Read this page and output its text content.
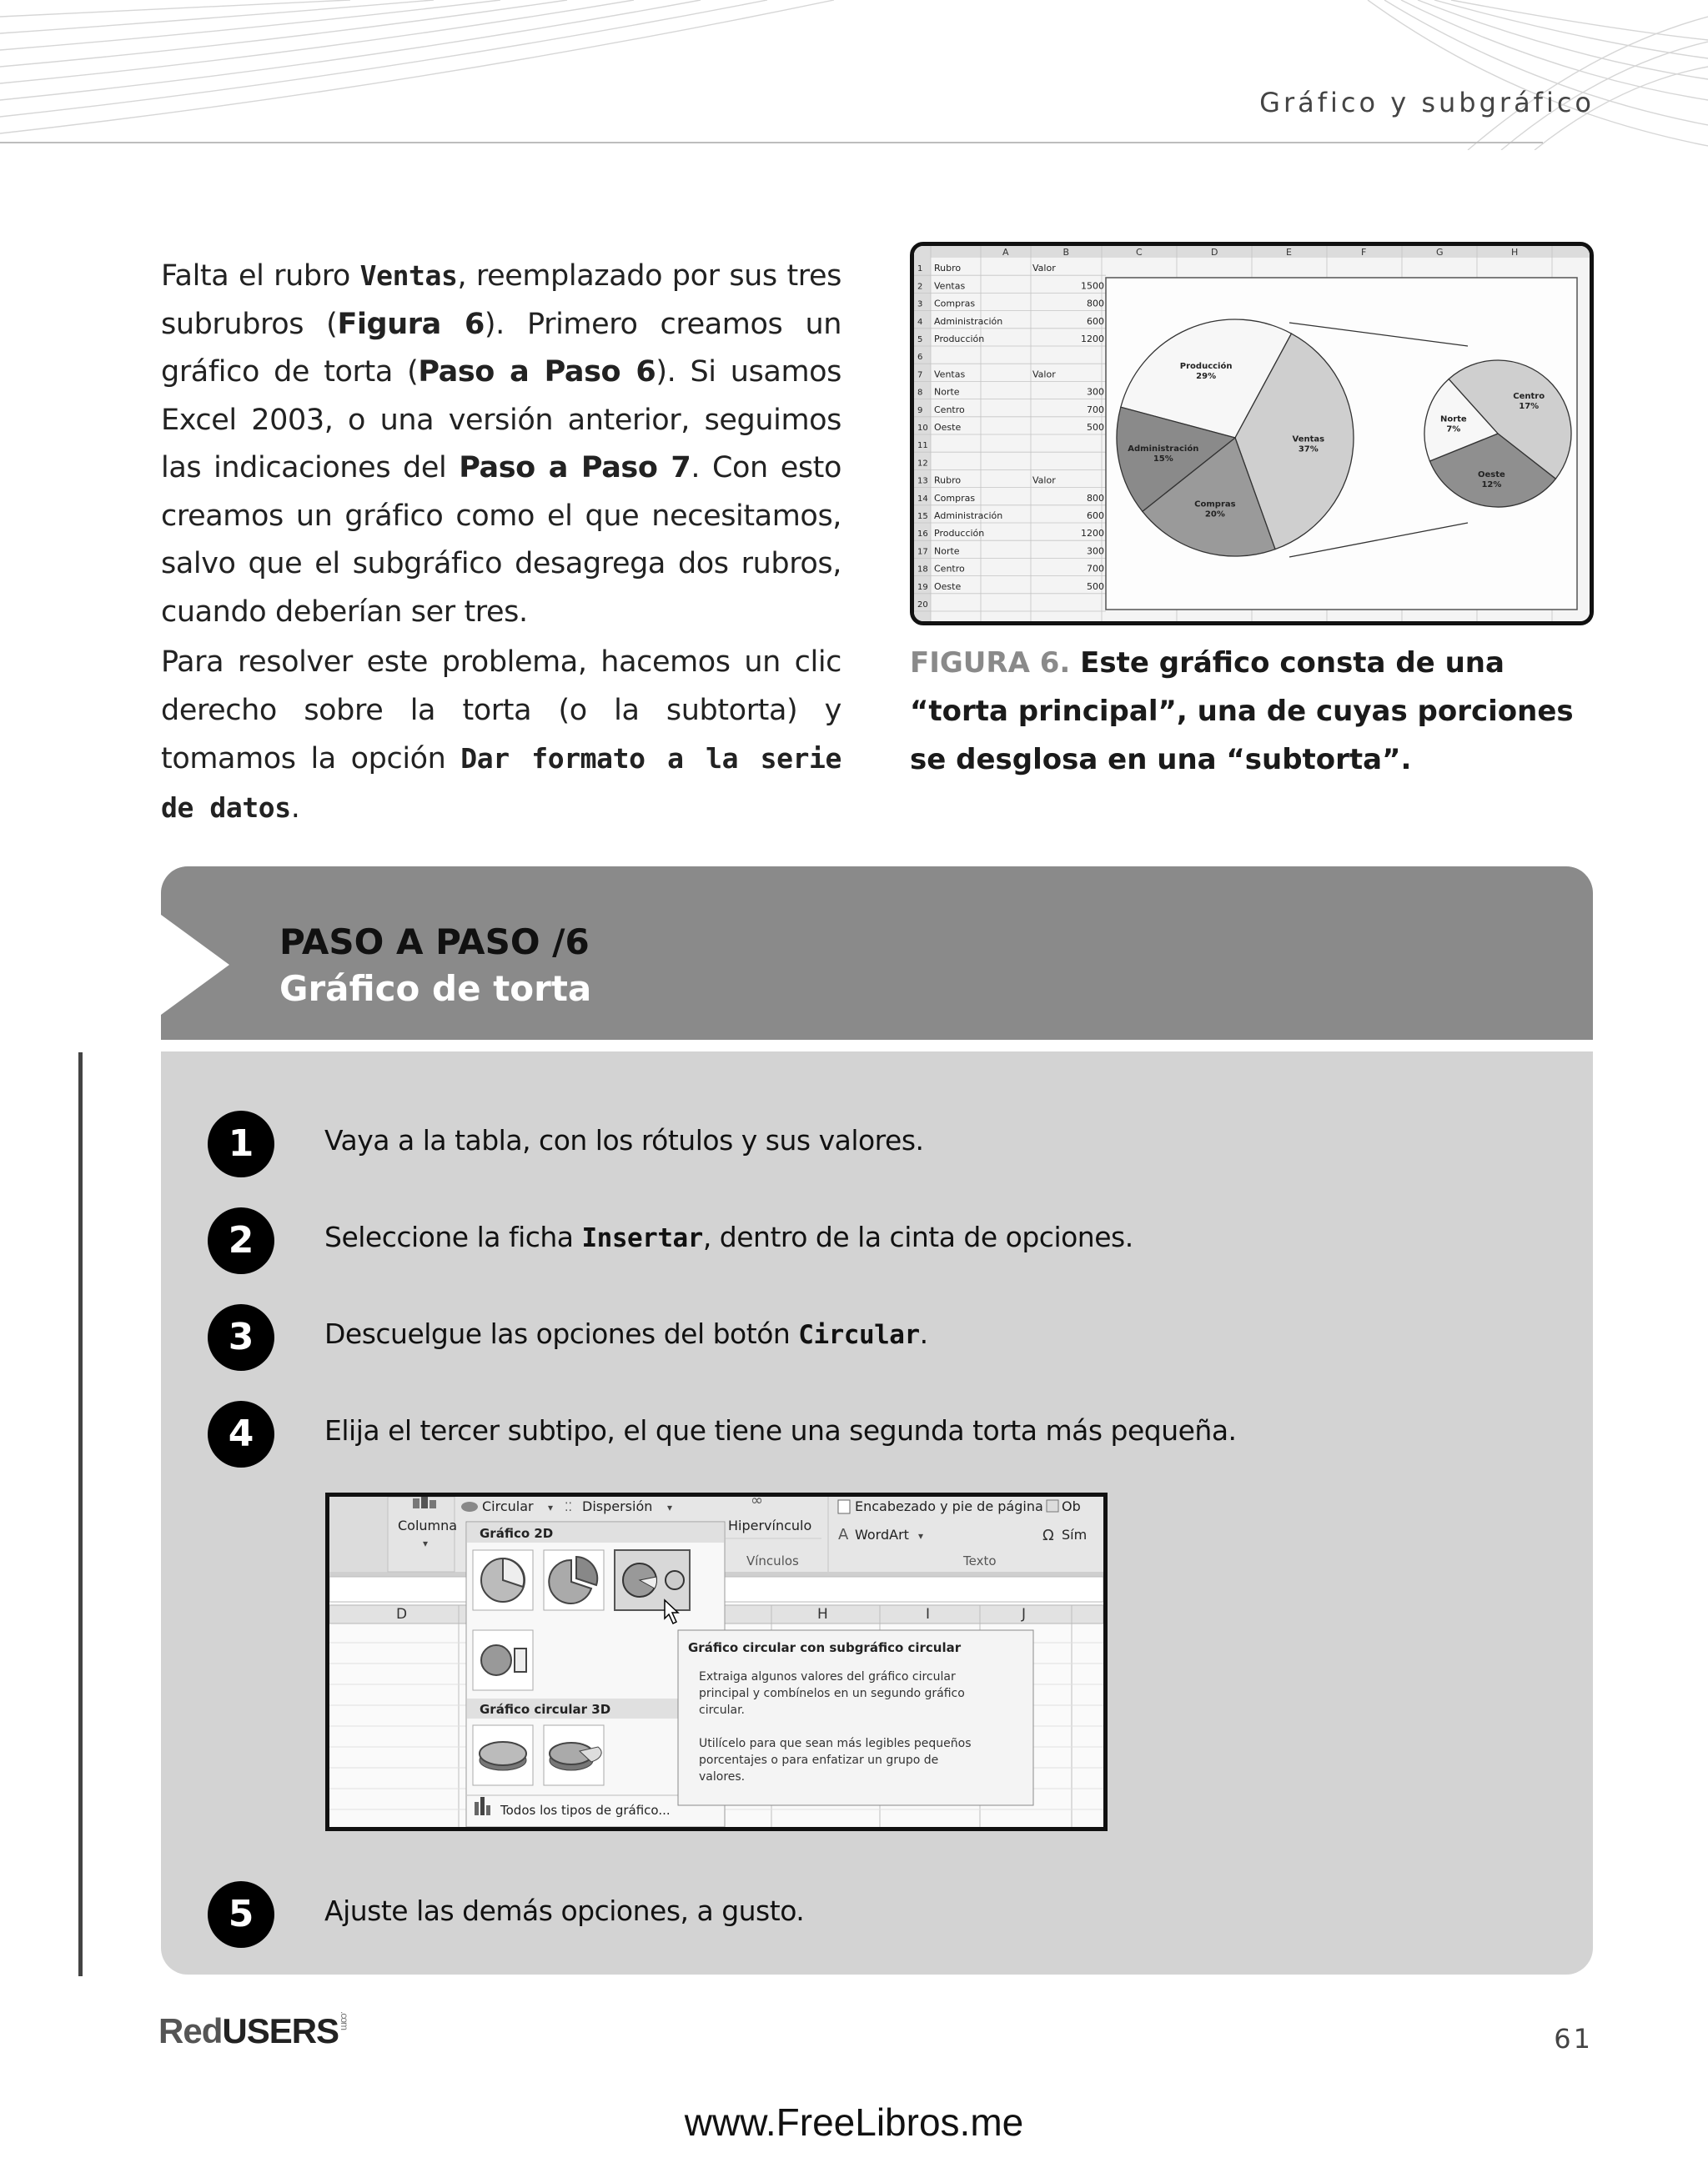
Gráfico y subgráfico
Falta el rubro Ventas, reemplazado por sus tres subrubros (Figura 6). Primero creamos un gráfico de torta (Paso a Paso 6). Si usamos Excel 2003, o una versión anterior, seguimos las indicaciones del Paso a Paso 7. Con esto creamos un gráfico como el que necesitamos, salvo que el subgráfico desagrega dos rubros, cuando deberían ser tres.
Para resolver este problema, hacemos un clic derecho sobre la torta (o la subtorta) y tomamos la opción Dar formato a la serie de datos.
A	B	C	D	E	F	G	H
1 Rubro	Valor
2 Ventas	1500
3 Compras	800
4 Administración	600
5 Producción	1200
6
7 Ventas	Valor
8 Norte	300
9 Centro	700
10 Oeste	500
11
12
13 Rubro	Valor
14 Compras	800
15 Administración	600
16 Producción	1200
17 Norte	300
18 Centro	700
19 Oeste	500
20
Producción
29%
Ventas
37%
Compras
20%
Administración
15%
Centro
17%
Oeste
12%
Norte
7%
FIGURA 6. Este gráfico consta de una “torta principal”, una de cuyas porciones se desglosa en una “subtorta”.
PASO A PASO /6
Gráfico de torta
1	Vaya a la tabla, con los rótulos y sus valores.
2	Seleccione la ficha Insertar, dentro de la cinta de opciones.
3	Descuelgue las opciones del botón Circular.
4	Elija el tercer subtipo, el que tiene una segunda torta más pequeña.
5	Ajuste las demás opciones, a gusto.
D	H	I	J
Columna
▾
Circular ▾ ⁚⁚ Dispersión ▾	∞
Hipervínculo
Vínculos
Encabezado y pie de página Ob
A WordArt ▾	Ω Sím
Texto
Gráfico 2D
Gráfico circular 3D
Todos los tipos de gráfico...
Gráfico circular con subgráfico circular
Extraiga algunos valores del gráfico circular
principal y combínelos en un segundo gráfico
circular.
Utilícelo para que sean más legibles pequeños
porcentajes o para enfatizar un grupo de
valores.
RedUSERS.com
61
www.FreeLibros.me
